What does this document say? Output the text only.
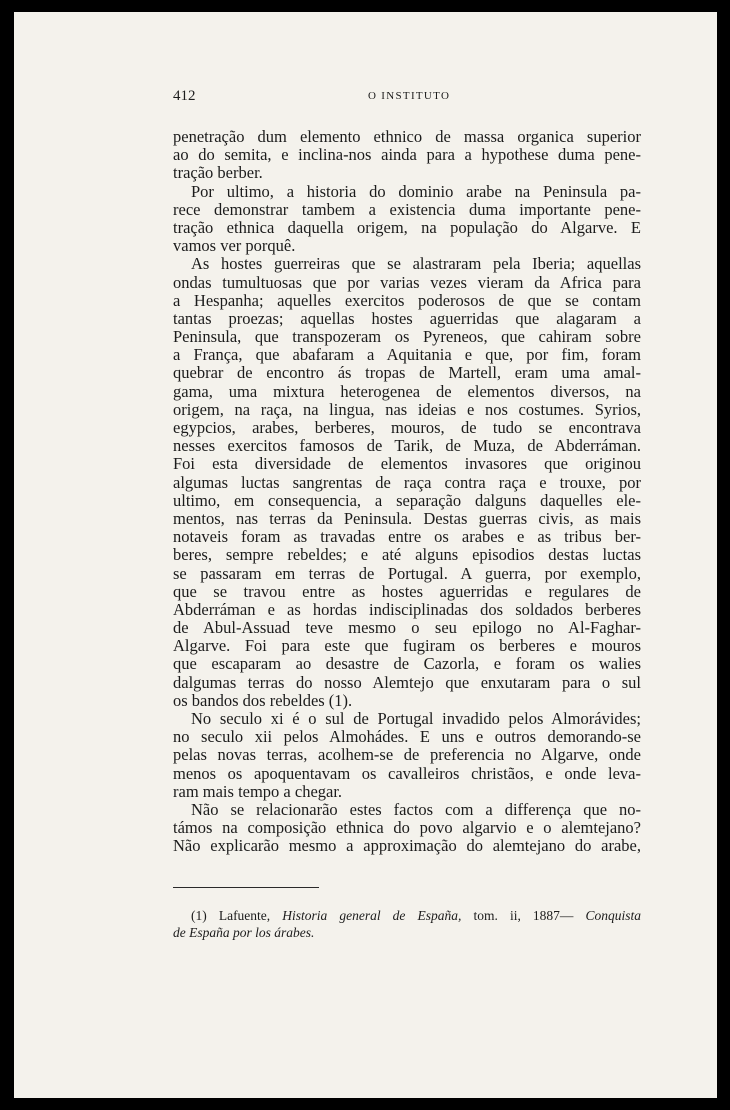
412	O INSTITUTO
penetração dum elemento ethnico de massa organica superior
ao do semita, e inclina-nos ainda para a hypothese duma pene-
tração berber.
Por ultimo, a historia do dominio arabe na Peninsula pa-
rece demonstrar tambem a existencia duma importante pene-
tração ethnica daquella origem, na população do Algarve. E
vamos ver porquê.
As hostes guerreiras que se alastraram pela Iberia; aquellas
ondas tumultuosas que por varias vezes vieram da Africa para
a Hespanha; aquelles exercitos poderosos de que se contam
tantas proezas; aquellas hostes aguerridas que alagaram a
Peninsula, que transpozeram os Pyreneos, que cahiram sobre
a França, que abafaram a Aquitania e que, por fim, foram
quebrar de encontro ás tropas de Martell, eram uma amal-
gama, uma mixtura heterogenea de elementos diversos, na
origem, na raça, na lingua, nas ideias e nos costumes. Syrios,
egypcios, arabes, berberes, mouros, de tudo se encontrava
nesses exercitos famosos de Tarik, de Muza, de Abderráman.
Foi esta diversidade de elementos invasores que originou
algumas luctas sangrentas de raça contra raça e trouxe, por
ultimo, em consequencia, a separação dalguns daquelles ele-
mentos, nas terras da Peninsula. Destas guerras civis, as mais
notaveis foram as travadas entre os arabes e as tribus ber-
beres, sempre rebeldes; e até alguns episodios destas luctas
se passaram em terras de Portugal. A guerra, por exemplo,
que se travou entre as hostes aguerridas e regulares de
Abderráman e as hordas indisciplinadas dos soldados berberes
de Abul-Assuad teve mesmo o seu epilogo no Al-Faghar-
Algarve. Foi para este que fugiram os berberes e mouros
que escaparam ao desastre de Cazorla, e foram os walies
dalgumas terras do nosso Alemtejo que enxutaram para o sul
os bandos dos rebeldes (1).
No seculo xi é o sul de Portugal invadido pelos Almorávides;
no seculo xii pelos Almohádes. E uns e outros demorando-se
pelas novas terras, acolhem-se de preferencia no Algarve, onde
menos os apoquentavam os cavalleiros christãos, e onde leva-
ram mais tempo a chegar.
Não se relacionarão estes factos com a differença que no-
támos na composição ethnica do povo algarvio e o alemtejano?
Não explicarão mesmo a approximação do alemtejano do arabe,
(1) Lafuente, Historia general de España, tom. ii, 1887— Conquista
de España por los árabes.
